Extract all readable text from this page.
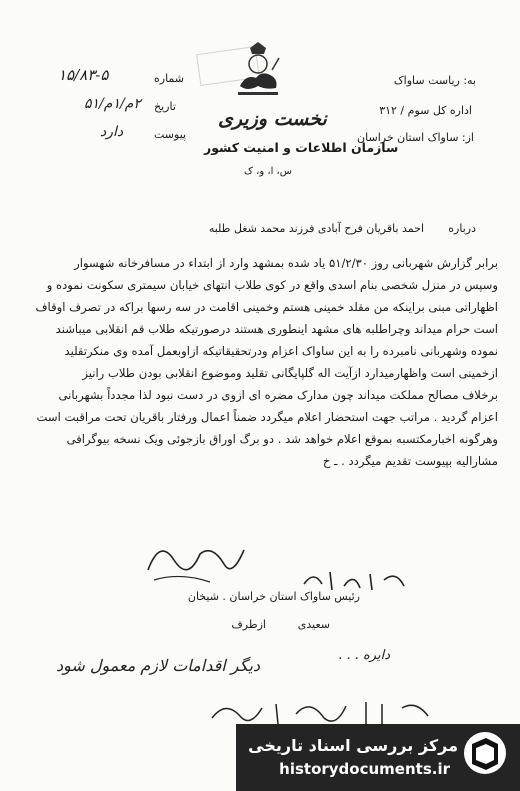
به: ریاست ساواک
اداره کل سوم / ۳۱۲
از: ساواک استان خراسان
شماره
۱۵/۸۳-۵
تاریخ
۲م/۱م/۵۱
پیوست
دارد
نخست وزیری
سازمان اطلاعات و امنیت کشور
س، ا، و، ک
درباره
احمد باقریان فرح آبادی فرزند محمد شغل طلبه
برابر گزارش شهربانی روز ۵۱/۲/۳۰ یاد شده بمشهد وارد از ابتداء در مسافرخانه شهسوار
وسپس در منزل شخصی بنام اسدی واقع در کوی طلاب انتهای خیابان سیمتری سکونت نموده و
اظهاراتی مبنی براینکه من مقلد خمینی هستم وخمینی اقامت در سه رسها براکه در تصرف اوقاف
است حرام میداند وچراطلبه های مشهد اینطوری هستند درصورتیکه طلاب قم انقلابی میباشند
نموده وشهربانی نامبرده را به این ساواک اعزام ودرتحقیقاتیکه ازاوبعمل آمده وی منکرتقلید
ازخمینی است واظهارمیدارد ازآیت اله گلپایگانی تقلید وموضوع انقلابی بودن طلاب رانیز
برخلاف مصالح مملکت میداند چون مدارک مضره ای ازوی در دست نبود لذا مجدداً بشهربانی
اعزام گردید . مراتب جهت استحضار اعلام میگردد ضمناً اعمال ورفتار باقریان تحت مراقبت است
وهرگونه اخبارمکتسبه بموقع اعلام خواهد شد . دو برگ اوراق بازجوئی ویک نسخه بیوگرافی
مشارالیه بپیوست تقدیم میگردد . ـ خ
رئیس ساواک استان خراسان . شیخان
ازطرف	سعیدی
دایره . . .
دیگر اقدامات لازم معمول شود
مرکز بررسی اسناد تاریخی
historydocuments.ir
